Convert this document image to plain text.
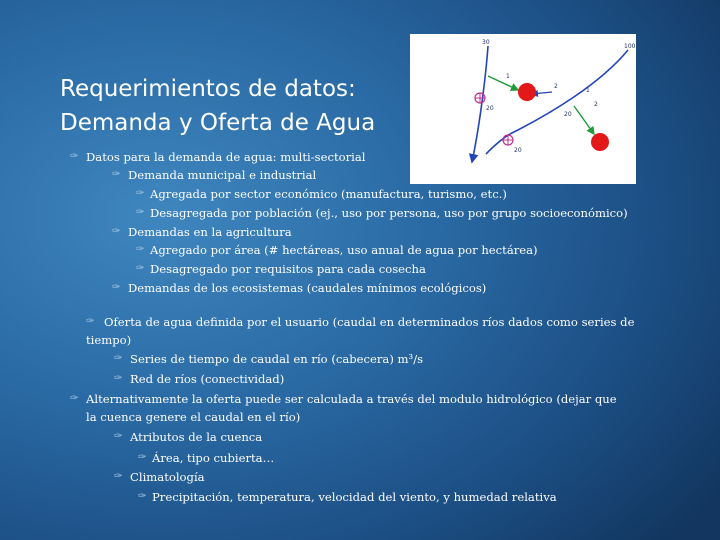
Requerimientos de datos:
Demanda y Oferta de Agua
30
100
1
2
1
20
2
20
20
✑ Datos para la demanda de agua: multi-sectorial
✑ Demanda municipal e industrial
✑ Agregada por sector económico (manufactura, turismo, etc.)
✑ Desagregada por población (ej., uso por persona, uso por grupo socioeconómico)
✑ Demandas en la agricultura
✑ Agregado por área (# hectáreas, uso anual de agua por hectárea)
✑ Desagregado por requisitos para cada cosecha
✑ Demandas de los ecosistemas (caudales mínimos ecológicos)
✑ Oferta de agua definida por el usuario (caudal en determinados ríos dados como series de
tiempo)
✑ Series de tiempo de caudal en río (cabecera) m³/s
✑ Red de ríos (conectividad)
✑ Alternativamente la oferta puede ser calculada a través del modulo hidrológico (dejar que
la cuenca genere el caudal en el río)
✑ Atributos de la cuenca
✑ Área, tipo cubierta…
✑ Climatología
✑ Precipitación, temperatura, velocidad del viento, y humedad relativa
